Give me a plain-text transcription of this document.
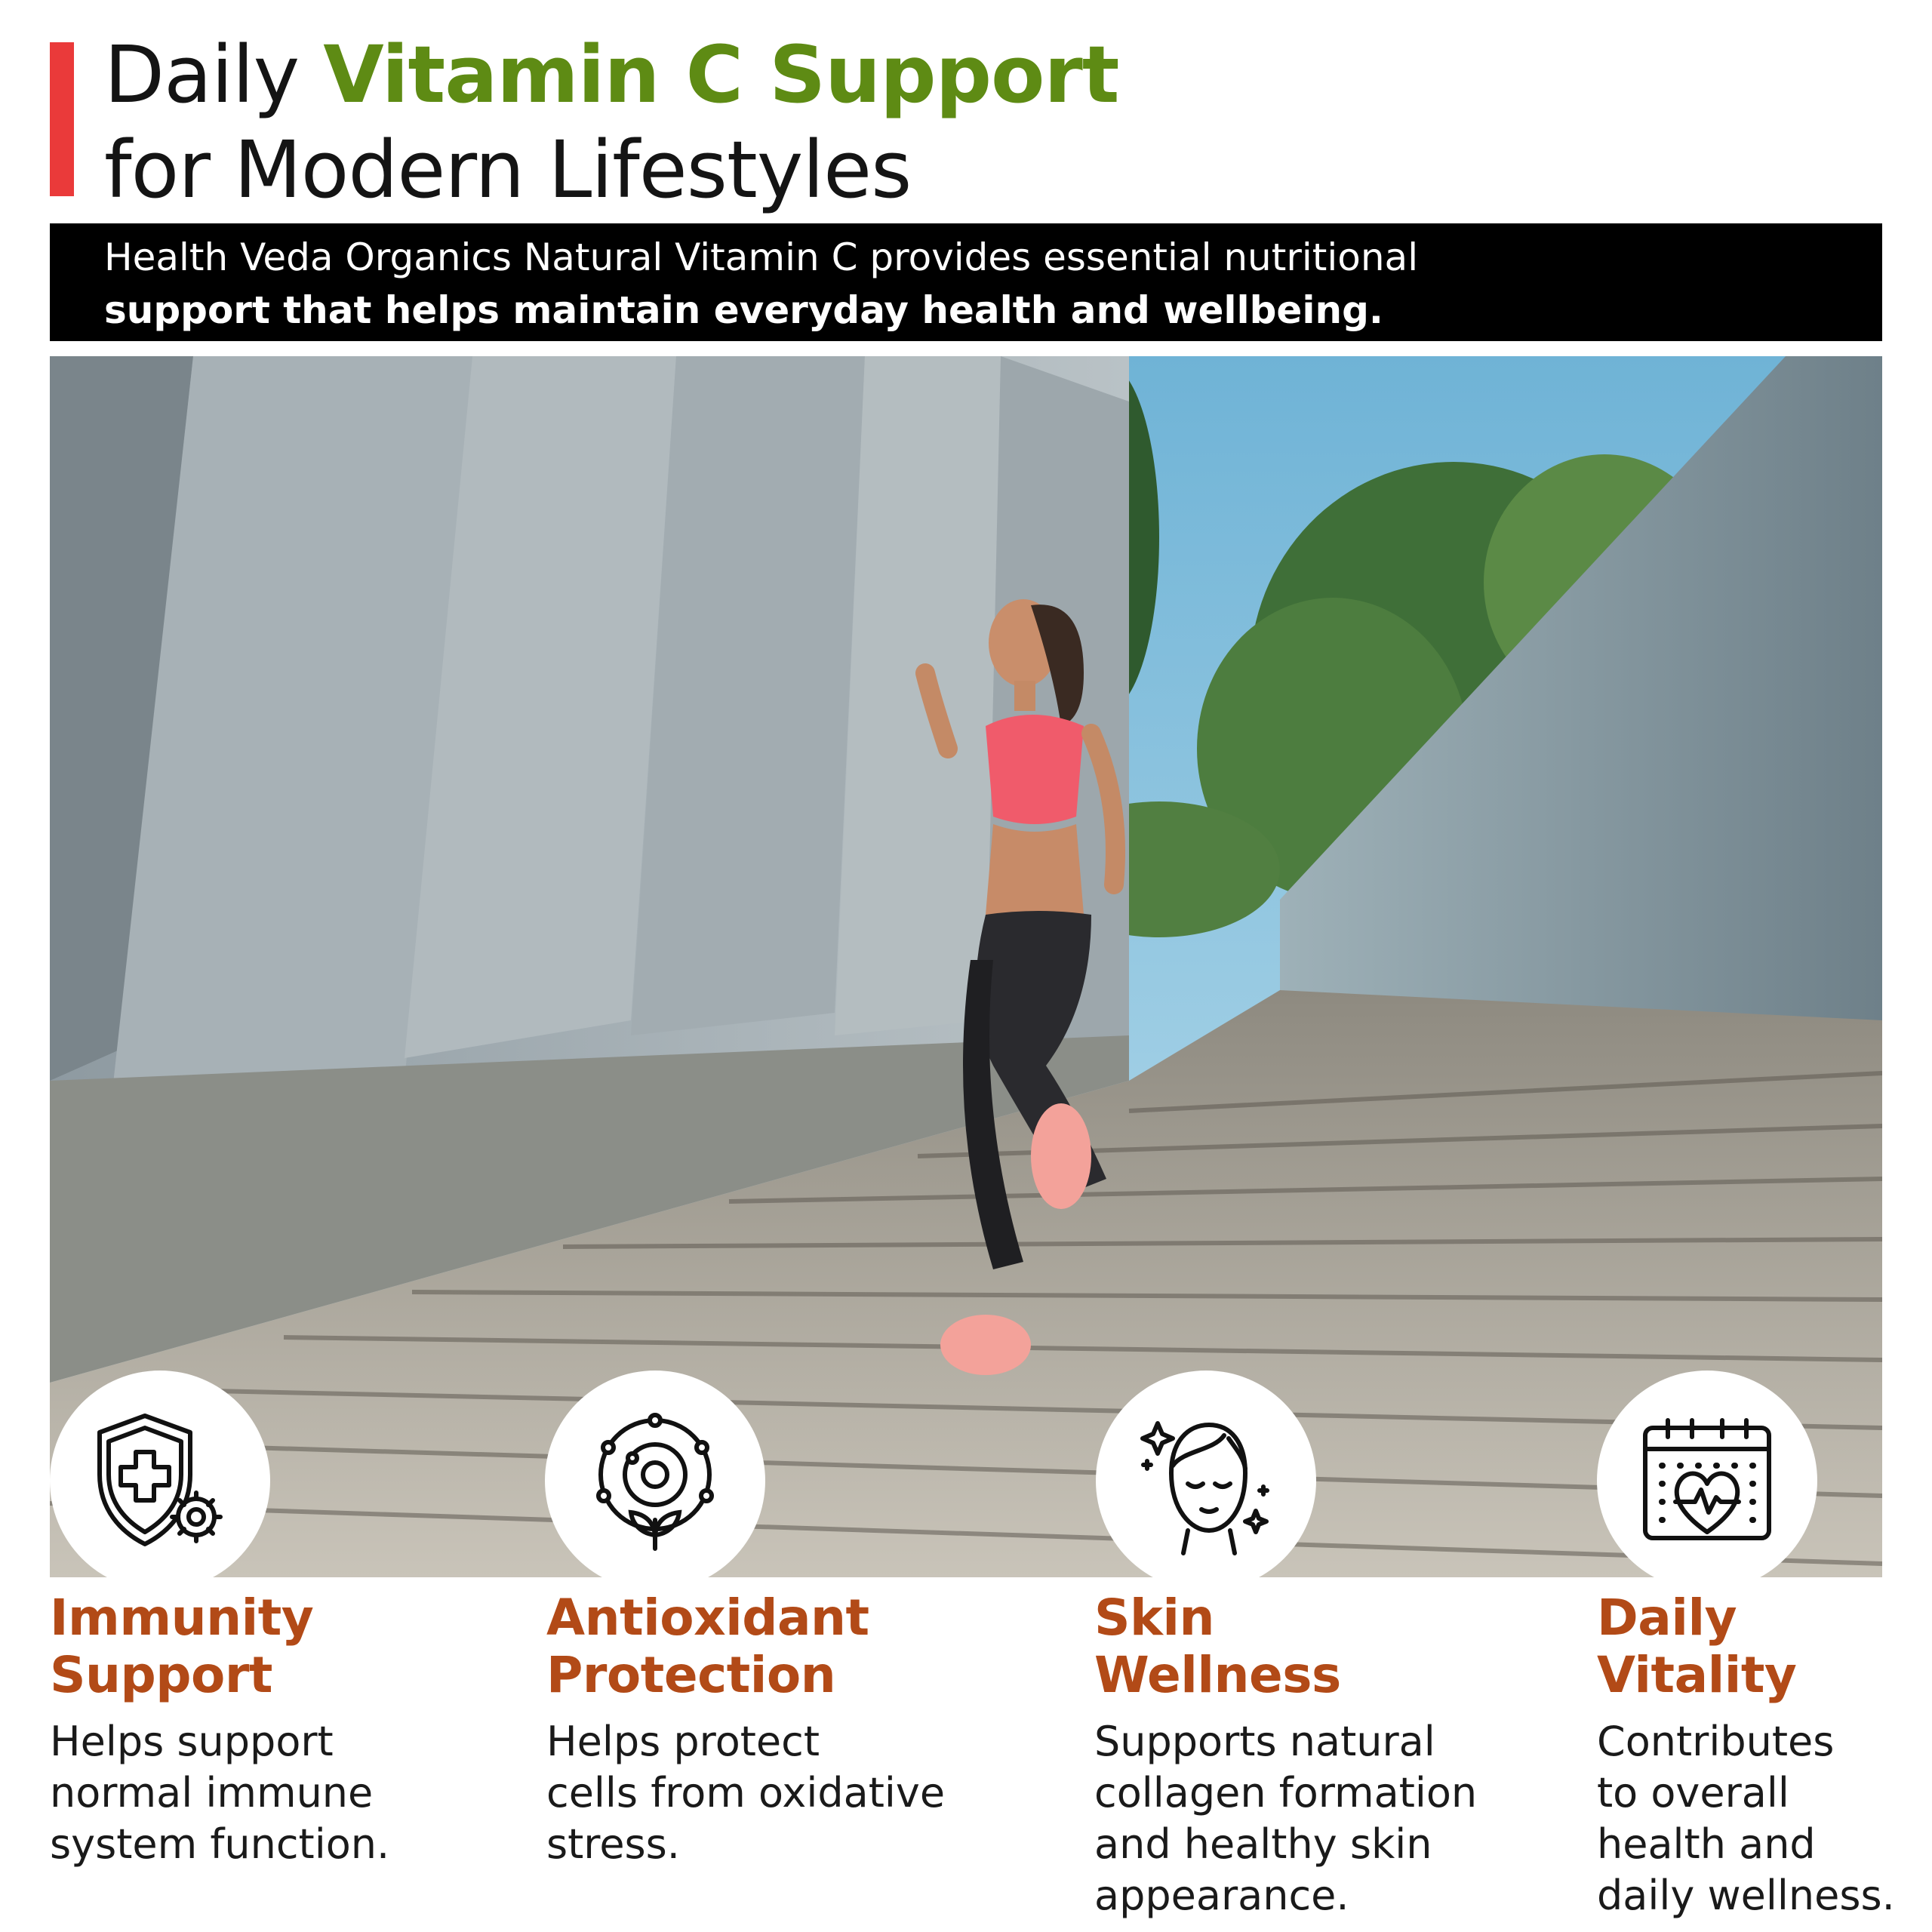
Daily Vitamin C Support
for Modern Lifestyles

Health Veda Organics Natural Vitamin C provides essential nutritional

support that helps maintain everyday health and wellbeing.

Immunity
Support

Helps support
normal immune
system function.

Antioxidant
Protection

Helps protect
cells from oxidative
stress.

Skin
Wellness

Supports natural
collagen formation
and healthy skin
appearance.

Daily
Vitality

Contributes
to overall
health and
daily wellness.
